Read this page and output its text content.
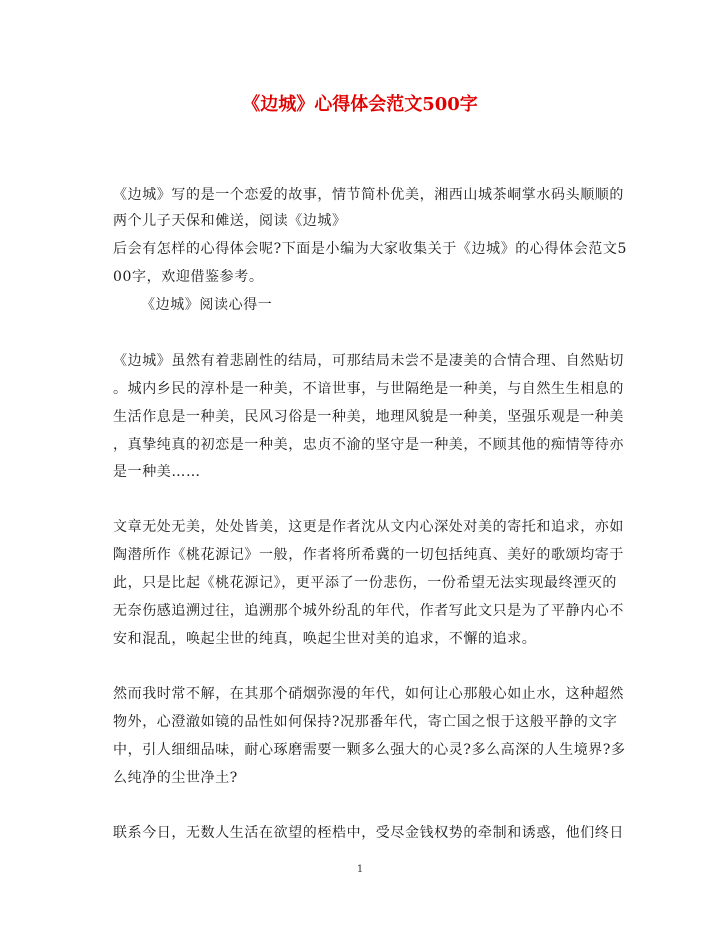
《边城》心得体会范文500字
《边城》写的是一个恋爱的故事，情节简朴优美，湘西山城茶峒掌水码头顺顺的
两个儿子天保和傩送，阅读《边城》
后会有怎样的心得体会呢?下面是小编为大家收集关于《边城》的心得体会范文5
00字，欢迎借鉴参考。
《边城》阅读心得一
《边城》虽然有着悲剧性的结局，可那结局未尝不是凄美的合情合理、自然贴切
。城内乡民的淳朴是一种美，不谙世事，与世隔绝是一种美，与自然生生相息的
生活作息是一种美，民风习俗是一种美，地理风貌是一种美，坚强乐观是一种美
，真挚纯真的初恋是一种美，忠贞不渝的坚守是一种美，不顾其他的痴情等待亦
是一种美……
文章无处无美，处处皆美，这更是作者沈从文内心深处对美的寄托和追求，亦如
陶潜所作《桃花源记》一般，作者将所希冀的一切包括纯真、美好的歌颂均寄于
此，只是比起《桃花源记》，更平添了一份悲伤，一份希望无法实现最终湮灭的
无奈伤感追溯过往，追溯那个城外纷乱的年代，作者写此文只是为了平静内心不
安和混乱，唤起尘世的纯真，唤起尘世对美的追求，不懈的追求。
然而我时常不解，在其那个硝烟弥漫的年代，如何让心那般心如止水，这种超然
物外，心澄澈如镜的品性如何保持?况那番年代，寄亡国之恨于这般平静的文字
中，引人细细品味，耐心琢磨需要一颗多么强大的心灵?多么高深的人生境界?多
么纯净的尘世净土?
联系今日，无数人生活在欲望的桎梏中，受尽金钱权势的牵制和诱惑，他们终日
1
